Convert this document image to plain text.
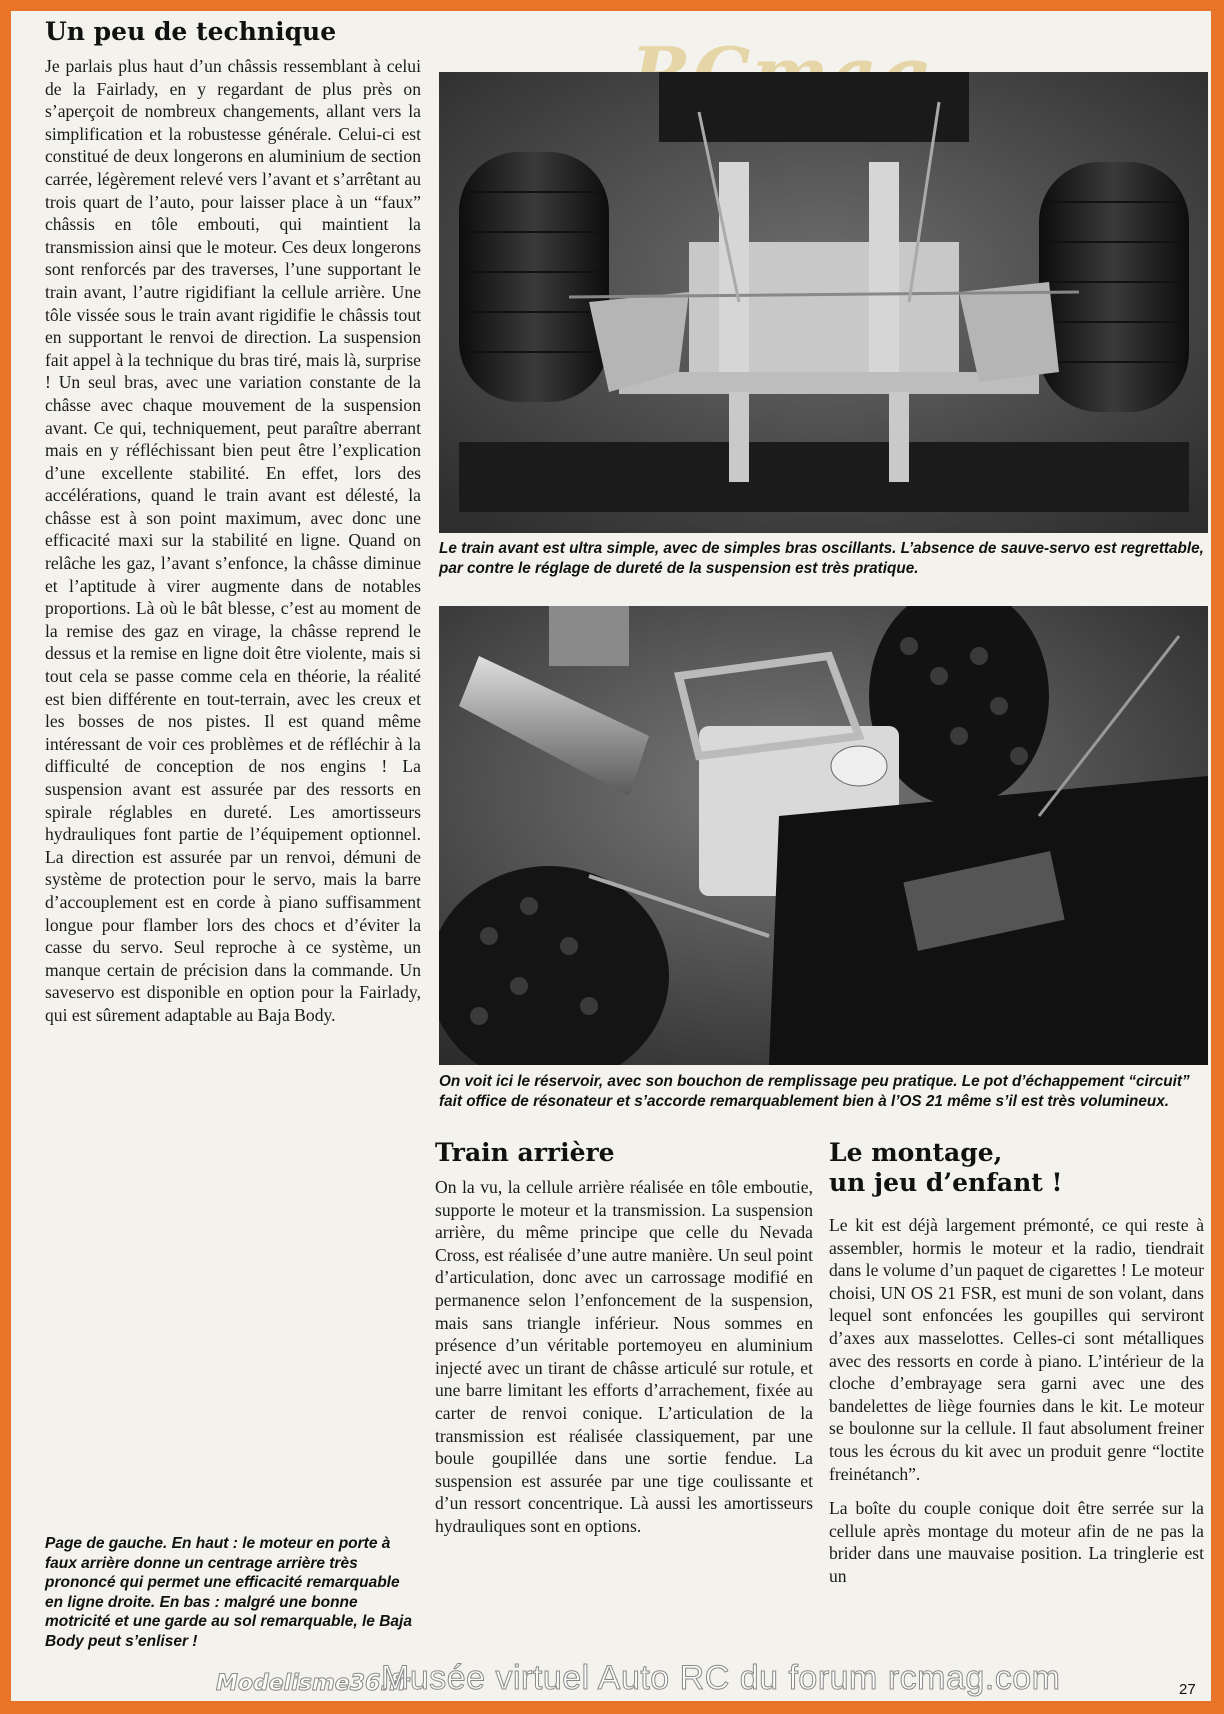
Un peu de technique

Je parlais plus haut d’un châssis ressemblant à celui de la Fairlady, en y regardant de plus près on s’aperçoit de nombreux changements, allant vers la simplification et la robustesse générale. Celui-ci est constitué de deux longerons en aluminium de section carrée, légèrement relevé vers l’avant et s’arrêtant au trois quart de l’auto, pour laisser place à un “faux” châssis en tôle embouti, qui maintient la transmission ainsi que le moteur. Ces deux longerons sont renforcés par des traverses, l’une supportant le train avant, l’autre rigidifiant la cellule arrière. Une tôle vissée sous le train avant rigidifie le châssis tout en supportant le renvoi de direction. La suspension fait appel à la technique du bras tiré, mais là, surprise ! Un seul bras, avec une variation constante de la châsse avec chaque mouvement de la suspension avant. Ce qui, techniquement, peut paraître aberrant mais en y réfléchissant bien peut être l’explication d’une excellente stabilité. En effet, lors des accélérations, quand le train avant est délesté, la châsse est à son point maximum, avec donc une efficacité maxi sur la stabilité en ligne. Quand on relâche les gaz, l’avant s’enfonce, la châsse diminue et l’aptitude à virer augmente dans de notables proportions. Là où le bât blesse, c’est au moment de la remise des gaz en virage, la châsse reprend le dessus et la remise en ligne doit être violente, mais si tout cela se passe comme cela en théorie, la réalité est bien différente en tout-terrain, avec les creux et les bosses de nos pistes. Il est quand même intéressant de voir ces problèmes et de réfléchir à la difficulté de conception de nos engins ! La suspension avant est assurée par des ressorts en spirale réglables en dureté. Les amortisseurs hydrauliques font partie de l’équipement optionnel. La direction est assurée par un renvoi, démuni de système de protection pour le servo, mais la barre d’accouplement est en corde à piano suffisamment longue pour flamber lors des chocs et d’éviter la casse du servo. Seul reproche à ce système, un manque certain de précision dans la commande. Un saveservo est disponible en option pour la Fairlady, qui est sûrement adaptable au Baja Body.

Page de gauche. En haut : le moteur en porte à faux arrière donne un centrage arrière très prononcé qui permet une efficacité remarquable en ligne droite. En bas : malgré une bonne motricité et une garde au sol remarquable, le Baja Body peut s’enliser !
Le train avant est ultra simple, avec de simples bras oscillants. L’absence de sauve-servo est regrettable, par contre le réglage de dureté de la suspension est très pratique.
On voit ici le réservoir, avec son bouchon de remplissage peu pratique. Le pot d’échappement “circuit” fait office de résonateur et s’accorde remarquablement bien à l’OS 21 même s’il est très volumineux.
Train arrière

On la vu, la cellule arrière réalisée en tôle emboutie, supporte le moteur et la transmission. La suspension arrière, du même principe que celle du Nevada Cross, est réalisée d’une autre manière. Un seul point d’articulation, donc avec un carrossage modifié en permanence selon l’enfoncement de la suspension, mais sans triangle inférieur. Nous sommes en présence d’un véritable portemoyeu en aluminium injecté avec un tirant de châsse articulé sur rotule, et une barre limitant les efforts d’arrachement, fixée au carter de renvoi conique. L’articulation de la transmission est réalisée classiquement, par une boule goupillée dans une sortie fendue. La suspension est assurée par une tige coulissante et d’un ressort concentrique. Là aussi les amortisseurs hydrauliques sont en options.

Le montage,
un jeu d’enfant !

Le kit est déjà largement prémonté, ce qui reste à assembler, hormis le moteur et la radio, tiendrait dans le volume d’un paquet de cigarettes ! Le moteur choisi, UN OS 21 FSR, est muni de son volant, dans lequel sont enfoncées les goupilles qui serviront d’axes aux masselottes. Celles-ci sont métalliques avec des ressorts en corde à piano. L’intérieur de la cloche d’embrayage sera garni avec une des bandelettes de liège fournies dans le kit. Le moteur se boulonne sur la cellule. Il faut absolument freiner tous les écrous du kit avec un produit genre “loctite freinétanch”.

La boîte du couple conique doit être serrée sur la cellule après montage du moteur afin de ne pas la brider dans une mauvaise position. La tringlerie est un

Modelisme36.fr
Musée virtuel Auto RC du forum rcmag.com	27
